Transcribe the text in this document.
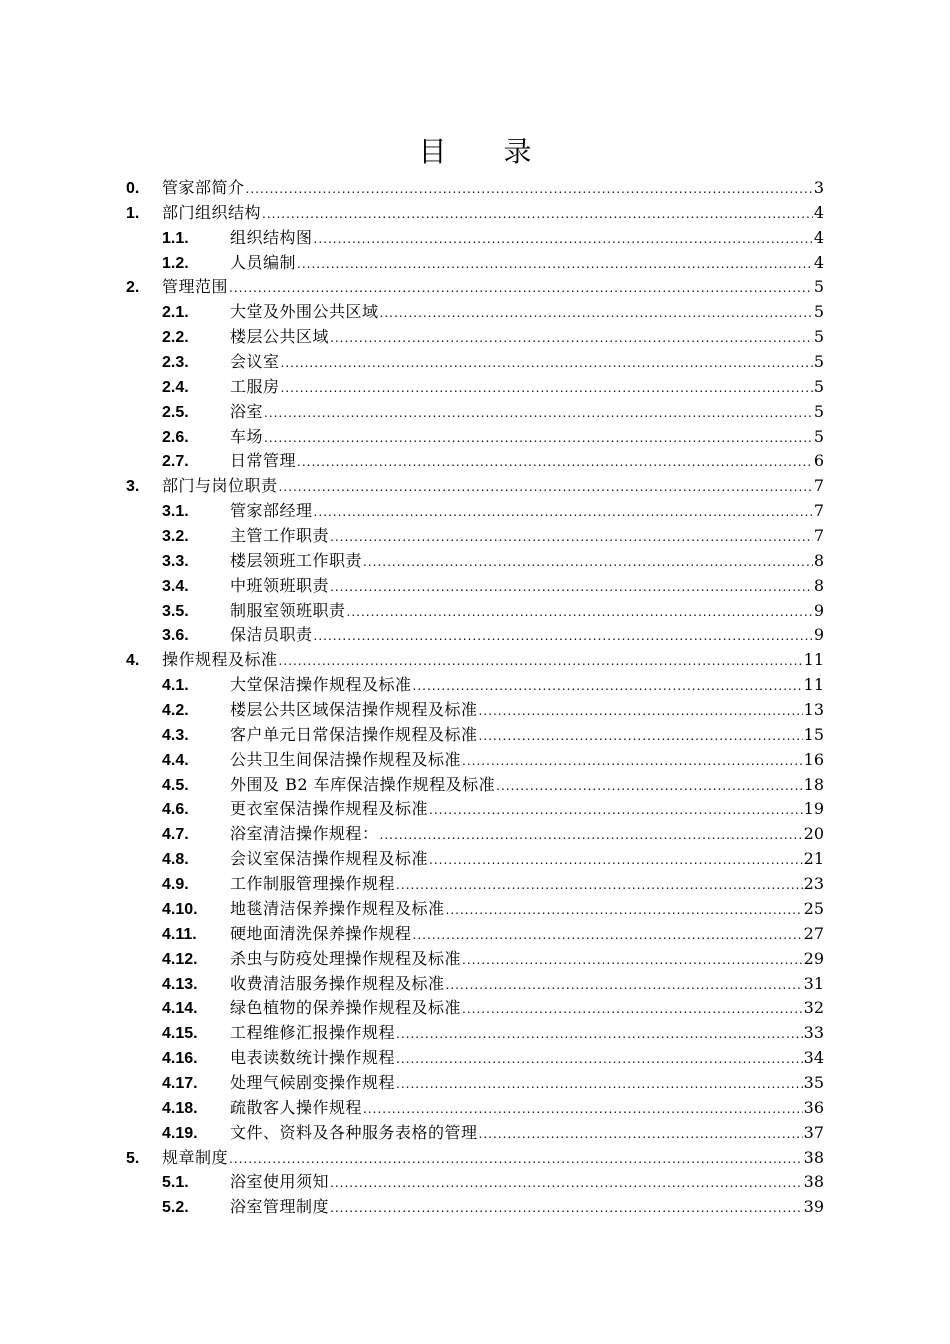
目 录
0.	管家部简介 .....	3
1.	部门组织结构 .....	4
1.1.	组织结构图 .....	4
1.2.	人员编制 .....	4
2.	管理范围 .....	5
2.1.	大堂及外围公共区域 .....	5
2.2.	楼层公共区域 .....	5
2.3.	会议室 .....	5
2.4.	工服房 .....	5
2.5.	浴室 .....	5
2.6.	车场 .....	5
2.7.	日常管理 .....	6
3.	部门与岗位职责 .....	7
3.1.	管家部经理 .....	7
3.2.	主管工作职责 .....	7
3.3.	楼层领班工作职责 .....	8
3.4.	中班领班职责 .....	8
3.5.	制服室领班职责 .....	9
3.6.	保洁员职责 .....	9
4.	操作规程及标准 .....	11
4.1.	大堂保洁操作规程及标准 .....	11
4.2.	楼层公共区域保洁操作规程及标准 .....	13
4.3.	客户单元日常保洁操作规程及标准 .....	15
4.4.	公共卫生间保洁操作规程及标准 .....	16
4.5.	外围及 B2 车库保洁操作规程及标准 .....	18
4.6.	更衣室保洁操作规程及标准 .....	19
4.7.	浴室清洁操作规程： .....	20
4.8.	会议室保洁操作规程及标准 .....	21
4.9.	工作制服管理操作规程 .....	23
4.10.	地毯清洁保养操作规程及标准 .....	25
4.11.	硬地面清洗保养操作规程 .....	27
4.12.	杀虫与防疫处理操作规程及标准 .....	29
4.13.	收费清洁服务操作规程及标准 .....	31
4.14.	绿色植物的保养操作规程及标准 .....	32
4.15.	工程维修汇报操作规程 .....	33
4.16.	电表读数统计操作规程 .....	34
4.17.	处理气候剧变操作规程 .....	35
4.18.	疏散客人操作规程 .....	36
4.19.	文件、资料及各种服务表格的管理 .....	37
5.	规章制度 .....	38
5.1.	浴室使用须知 .....	38
5.2.	浴室管理制度 .....	39
